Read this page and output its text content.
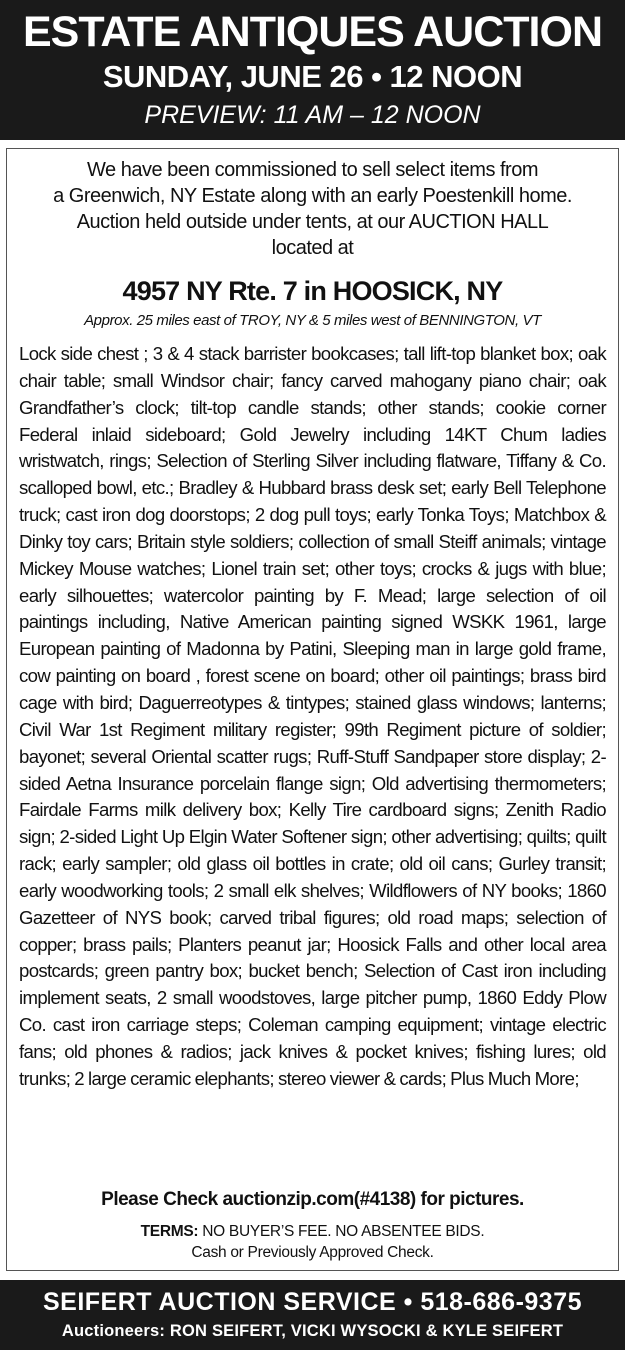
ESTATE ANTIQUES AUCTION
SUNDAY, JUNE 26 • 12 NOON
PREVIEW: 11 AM – 12 NOON
We have been commissioned to sell select items from
a Greenwich, NY Estate along with an early Poestenkill home.
Auction held outside under tents, at our AUCTION HALL
located at
4957 NY Rte. 7 in HOOSICK, NY
Approx. 25 miles east of TROY, NY & 5 miles west of BENNINGTON, VT
Lock side chest ; 3 & 4 stack barrister bookcases; tall lift-top blanket box; oak chair table; small Windsor chair; fancy carved mahogany piano chair; oak Grandfather’s clock; tilt-top candle stands; other stands; cookie corner Federal inlaid sideboard; Gold Jewelry including 14KT Chum ladies wristwatch, rings; Selection of Sterling Silver including flatware, Tiffany & Co. scalloped bowl, etc.; Bradley & Hubbard brass desk set; early Bell Telephone truck; cast iron dog doorstops; 2 dog pull toys; early Tonka Toys; Matchbox & Dinky toy cars; Britain style soldiers; collection of small Steiff animals; vintage Mickey Mouse watches; Lionel train set; other toys; crocks & jugs with blue; early silhouettes; watercolor painting by F. Mead; large selection of oil paintings including, Native American painting signed WSKK 1961, large European painting of Madonna by Patini, Sleeping man in large gold frame, cow painting on board , forest scene on board; other oil paintings; brass bird cage with bird; Daguerreotypes & tintypes; stained glass windows; lanterns; Civil War 1st Regiment military register; 99th Regiment picture of soldier; bayonet; several Oriental scatter rugs; Ruff-Stuff Sandpaper store display; 2-sided Aetna Insurance porcelain flange sign; Old advertising thermometers; Fairdale Farms milk delivery box; Kelly Tire cardboard signs; Zenith Radio sign; 2-sided Light Up Elgin Water Softener sign; other advertising; quilts; quilt rack; early sampler; old glass oil bottles in crate; old oil cans; Gurley transit; early woodworking tools; 2 small elk shelves; Wildflowers of NY books; 1860 Gazetteer of NYS book; carved tribal figures; old road maps; selection of copper; brass pails; Planters peanut jar; Hoosick Falls and other local area postcards; green pantry box; bucket bench; Selection of Cast iron including implement seats, 2 small woodstoves, large pitcher pump, 1860 Eddy Plow Co. cast iron carriage steps; Coleman camping equipment; vintage electric fans; old phones & radios; jack knives & pocket knives; fishing lures; old trunks; 2 large ceramic elephants; stereo viewer & cards; Plus Much More;
Please Check auctionzip.com(#4138) for pictures.
TERMS: NO BUYER’S FEE. NO ABSENTEE BIDS.
Cash or Previously Approved Check.
SEIFERT AUCTION SERVICE • 518-686-9375
Auctioneers: RON SEIFERT, VICKI WYSOCKI & KYLE SEIFERT
